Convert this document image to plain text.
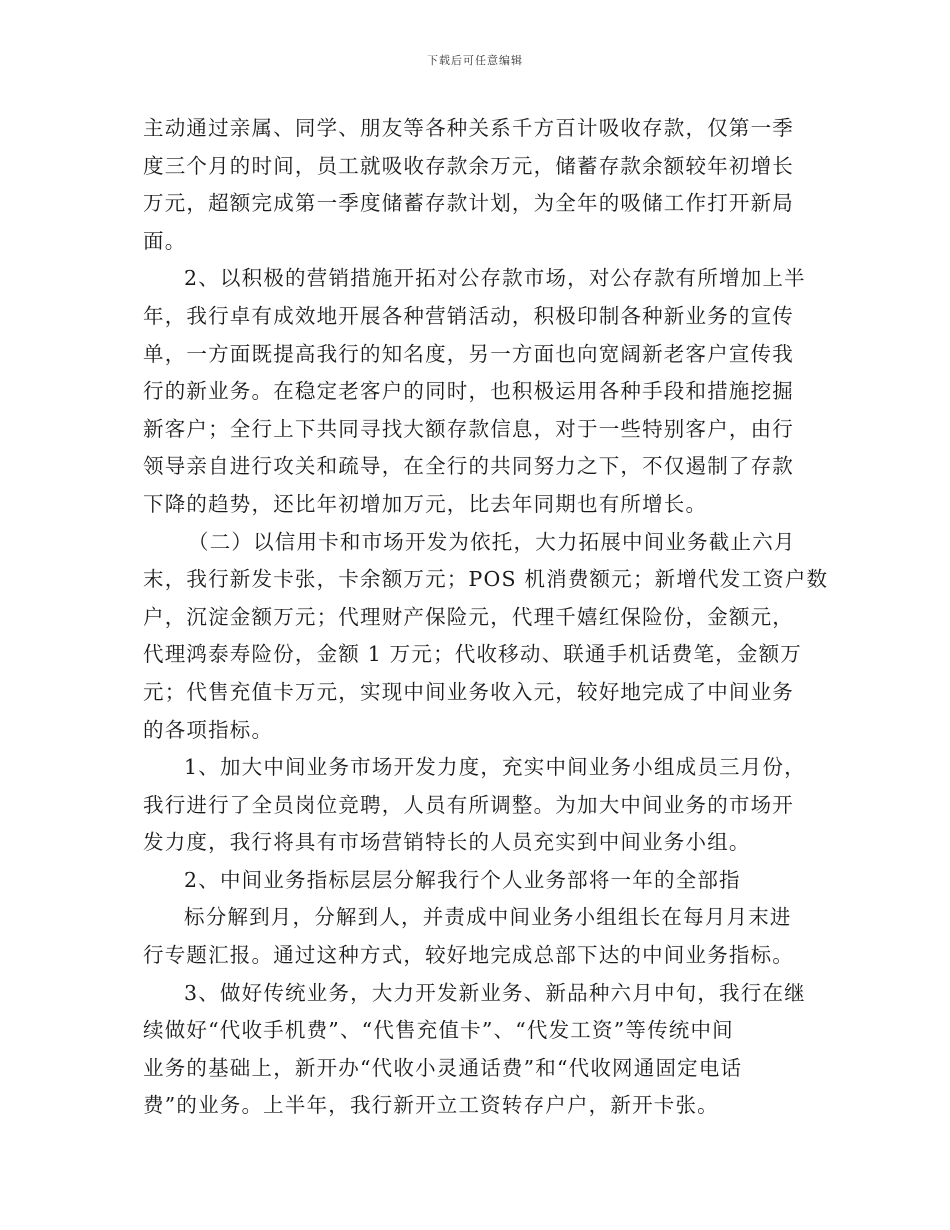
下载后可任意编辑
主动通过亲属、同学、朋友等各种关系千方百计吸收存款，仅第一季
度三个月的时间，员工就吸收存款余万元，储蓄存款余额较年初增长
万元，超额完成第一季度储蓄存款计划，为全年的吸储工作打开新局
面。
2、以积极的营销措施开拓对公存款市场，对公存款有所增加上半
年，我行卓有成效地开展各种营销活动，积极印制各种新业务的宣传
单，一方面既提高我行的知名度，另一方面也向宽阔新老客户宣传我
行的新业务。在稳定老客户的同时，也积极运用各种手段和措施挖掘
新客户；全行上下共同寻找大额存款信息，对于一些特别客户，由行
领导亲自进行攻关和疏导，在全行的共同努力之下，不仅遏制了存款
下降的趋势，还比年初增加万元，比去年同期也有所增长。
（二）以信用卡和市场开发为依托，大力拓展中间业务截止六月
末，我行新发卡张，卡余额万元；POS 机消费额元；新增代发工资户数
户，沉淀金额万元；代理财产保险元，代理千嬉红保险份，金额元，
代理鸿泰寿险份，金额 1 万元；代收移动、联通手机话费笔，金额万
元；代售充值卡万元，实现中间业务收入元，较好地完成了中间业务
的各项指标。
1、加大中间业务市场开发力度，充实中间业务小组成员三月份，
我行进行了全员岗位竞聘，人员有所调整。为加大中间业务的市场开
发力度，我行将具有市场营销特长的人员充实到中间业务小组。
2、中间业务指标层层分解我行个人业务部将一年的全部指
标分解到月，分解到人，并责成中间业务小组组长在每月月末进
行专题汇报。通过这种方式，较好地完成总部下达的中间业务指标。
3、做好传统业务，大力开发新业务、新品种六月中旬，我行在继
续做好“代收手机费”、“代售充值卡”、“代发工资”等传统中间
业务的基础上，新开办“代收小灵通话费”和“代收网通固定电话
费”的业务。上半年，我行新开立工资转存户户，新开卡张。
